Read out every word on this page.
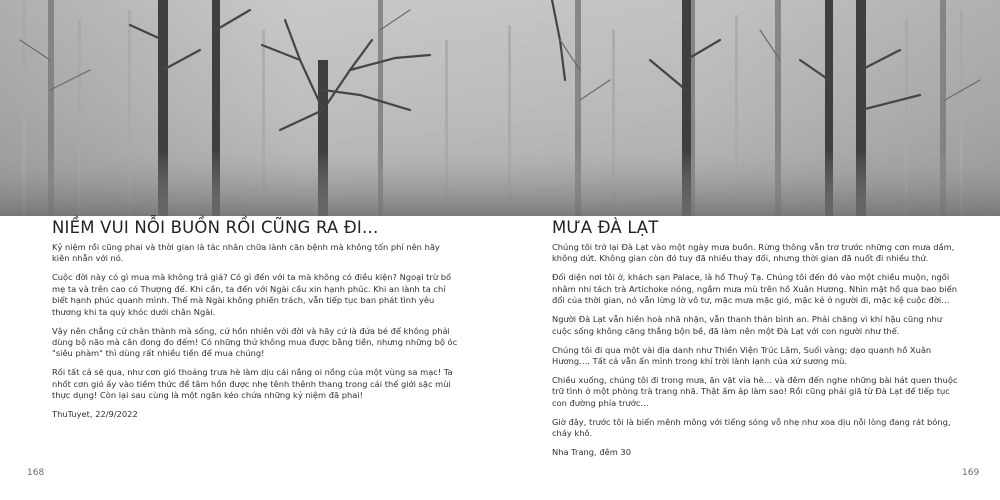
NIỀM VUI NỖI BUỒN RỒI CŨNG RA ĐI…

Kỷ niệm rồi cũng phai và thời gian là tác nhân chữa lành căn bệnh mà không tốn phí nên hãy kiên nhẫn với nó.

Cuộc đời này có gì mua mà không trả giá? Có gì đến với ta mà không có điều kiện? Ngoại trừ bố mẹ ta và trên cao có Thượng đế. Khi cần, ta đến với Ngài cầu xin hạnh phúc. Khi an lành ta chỉ biết hạnh phúc quanh mình. Thế mà Ngài không phiền trách, vẫn tiếp tục ban phát tình yêu thương khi ta quỳ khóc dưới chân Ngài.

Vậy nên chẳng cứ chân thành mà sống, cứ hồn nhiên với đời và hãy cứ là đứa bé để không phải dùng bộ não mà cân đong đo đếm! Có những thứ không mua được bằng tiền, nhưng những bộ óc "siêu phàm" thì dùng rất nhiều tiền để mua chúng!

Rồi tất cả sẽ qua, như cơn gió thoảng trưa hè làm dịu cái nắng oi nồng của một vùng sa mạc! Ta nhốt cơn gió ấy vào tiềm thức để tâm hồn được nhẹ tênh thênh thang trong cái thế giới sặc mùi thực dụng! Còn lại sau cùng là một ngăn kéo chứa những kỷ niệm đã phai!

ThuTuyet, 22/9/2022

MƯA ĐÀ LẠT

Chúng tôi trở lại Đà Lạt vào một ngày mưa buồn. Rừng thông vẫn trơ trước những cơn mưa dầm, không dứt. Không gian còn đó tuy đã nhiều thay đổi, nhưng thời gian đã nuốt đi nhiều thứ.

Đối diện nơi tôi ở, khách sạn Palace, là hồ Thuỷ Tạ. Chúng tôi đến đó vào một chiều muộn, ngồi nhâm nhi tách trà Artichoke nóng, ngắm mưa mù trên hồ Xuân Hương. Nhìn mặt hồ qua bao biến đổi của thời gian, nó vẫn lừng lờ vô tư, mặc mưa mặc gió, mặc kẻ ở người đi, mặc kệ cuộc đời…

Người Đà Lạt vẫn hiền hoà nhã nhặn, vẫn thanh thản bình an. Phải chăng vì khí hậu cũng như cuộc sống không căng thẳng bộn bề, đã làm nên một Đà Lạt với con người như thế.

Chúng tôi đi qua một vài địa danh như Thiền Viện Trúc Lâm, Suối vàng; dạo quanh hồ Xuân Hương…. Tất cả vẫn ẩn mình trong khí trời lành lạnh của xứ sương mù.

Chiều xuống, chúng tôi đi trong mưa, ăn vặt vỉa hè… và đêm đến nghe những bài hát quen thuộc trữ tình ở một phòng trà trang nhã. Thật ấm áp làm sao! Rồi cũng phải giã từ Đà Lạt để tiếp tục con đường phía trước…

Giờ đây, trước tôi là biển mênh mông với tiếng sóng vỗ nhẹ như xoa dịu nỗi lòng đang rát bỏng, cháy khô.

Nha Trang, đêm 30

168	169
